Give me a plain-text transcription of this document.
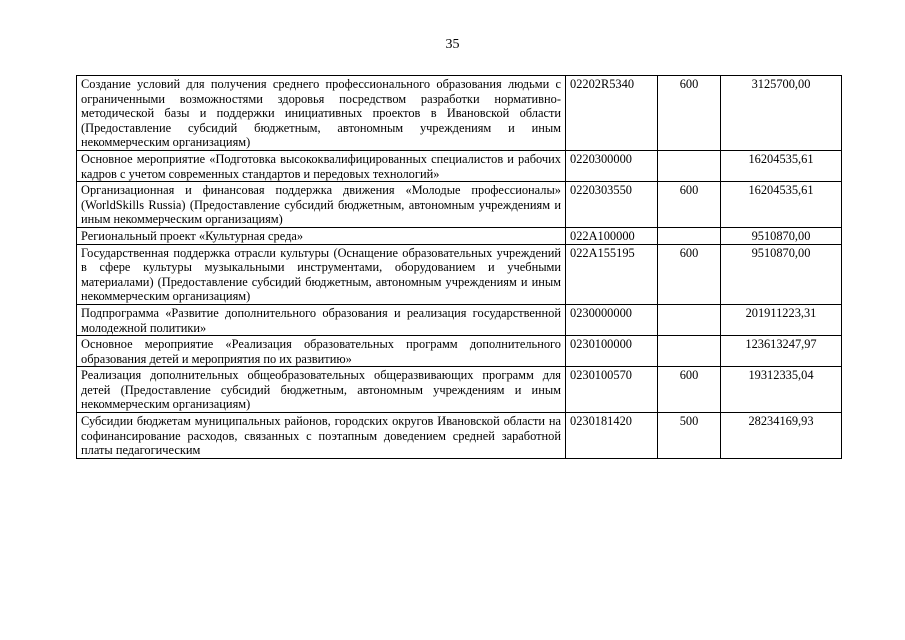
35
Создание условий для получения среднего профессионального образования людьми с ограниченными возможностями здоровья посредством разработки нормативно-методической базы и поддержки инициативных проектов в Ивановской области (Предоставление субсидий бюджетным, автономным учреждениям и иным некоммерческим организациям)	02202R5340	600	3125700,00
Основное мероприятие «Подготовка высококвалифицированных специалистов и рабочих кадров с учетом современных стандартов и передовых технологий»	0220300000		16204535,61
Организационная и финансовая поддержка движения «Молодые профессионалы» (WorldSkills Russia) (Предоставление субсидий бюджетным, автономным учреждениям и иным некоммерческим организациям)	0220303550	600	16204535,61
Региональный проект «Культурная среда»	022A100000		9510870,00
Государственная поддержка отрасли культуры (Оснащение образовательных учреждений в сфере культуры музыкальными инструментами, оборудованием и учебными материалами) (Предоставление субсидий бюджетным, автономным учреждениям и иным некоммерческим организациям)	022A155195	600	9510870,00
Подпрограмма «Развитие дополнительного образования и реализация государственной молодежной политики»	0230000000		201911223,31
Основное мероприятие «Реализация образовательных программ дополнительного образования детей и мероприятия по их развитию»	0230100000		123613247,97
Реализация дополнительных общеобразовательных общеразвивающих программ для детей (Предоставление субсидий бюджетным, автономным учреждениям и иным некоммерческим организациям)	0230100570	600	19312335,04
Субсидии бюджетам муниципальных районов, городских округов Ивановской области на софинансирование расходов, связанных с поэтапным доведением средней заработной платы педагогическим	0230181420	500	28234169,93
